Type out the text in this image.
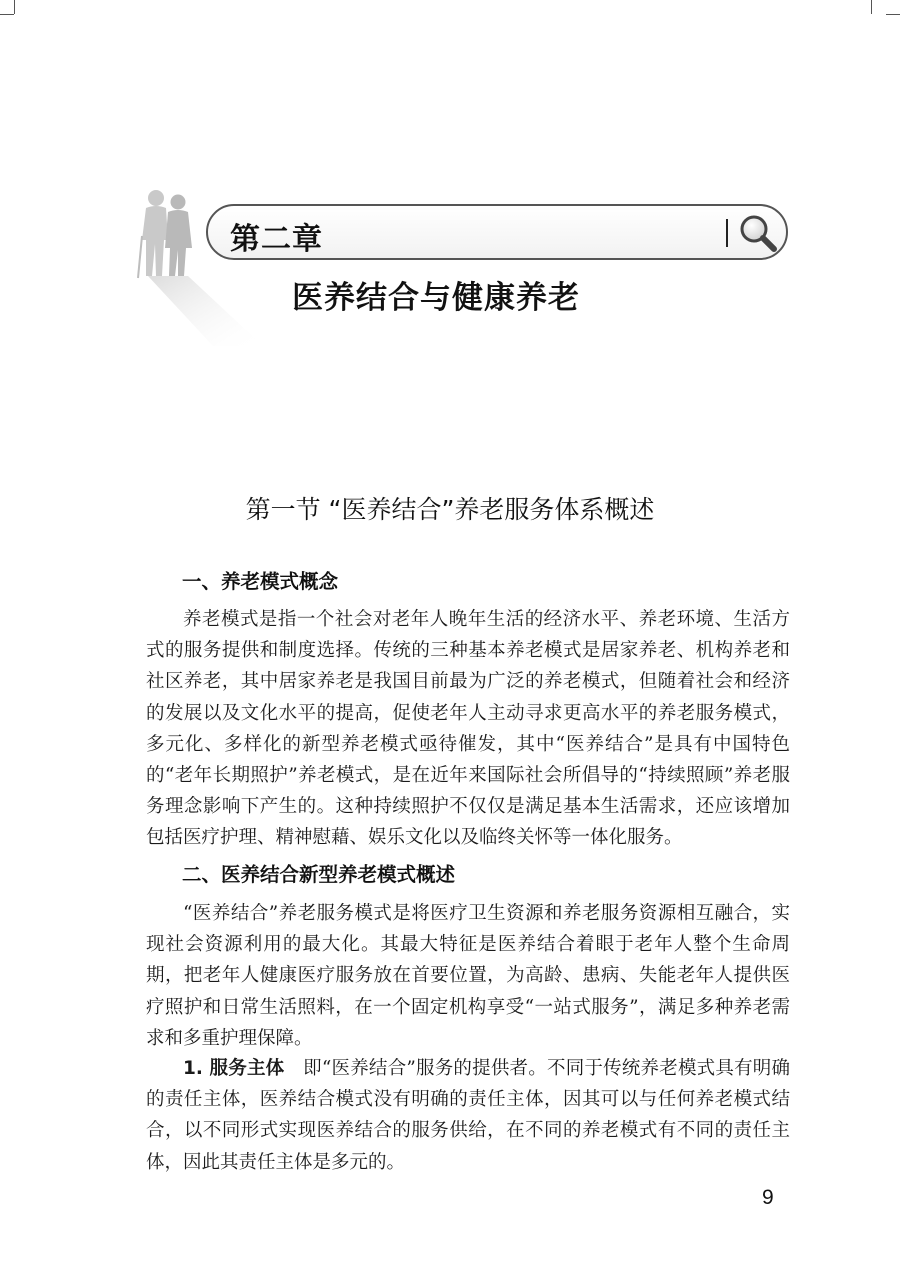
第二章
医养结合与健康养老
第一节 “医养结合”养老服务体系概述
一、养老模式概念

养老模式是指一个社会对老年人晚年生活的经济水平、养老环境、生活方式的服务提供和制度选择。传统的三种基本养老模式是居家养老、机构养老和社区养老，其中居家养老是我国目前最为广泛的养老模式，但随着社会和经济的发展以及文化水平的提高，促使老年人主动寻求更高水平的养老服务模式，多元化、多样化的新型养老模式亟待催发，其中“医养结合”是具有中国特色的“老年长期照护”养老模式，是在近年来国际社会所倡导的“持续照顾”养老服务理念影响下产生的。这种持续照护不仅仅是满足基本生活需求，还应该增加包括医疗护理、精神慰藉、娱乐文化以及临终关怀等一体化服务。

二、医养结合新型养老模式概述

“医养结合”养老服务模式是将医疗卫生资源和养老服务资源相互融合，实现社会资源利用的最大化。其最大特征是医养结合着眼于老年人整个生命周期，把老年人健康医疗服务放在首要位置，为高龄、患病、失能老年人提供医疗照护和日常生活照料，在一个固定机构享受“一站式服务”，满足多种养老需求和多重护理保障。

1. 服务主体 即“医养结合”服务的提供者。不同于传统养老模式具有明确的责任主体，医养结合模式没有明确的责任主体，因其可以与任何养老模式结合，以不同形式实现医养结合的服务供给，在不同的养老模式有不同的责任主体，因此其责任主体是多元的。

9
